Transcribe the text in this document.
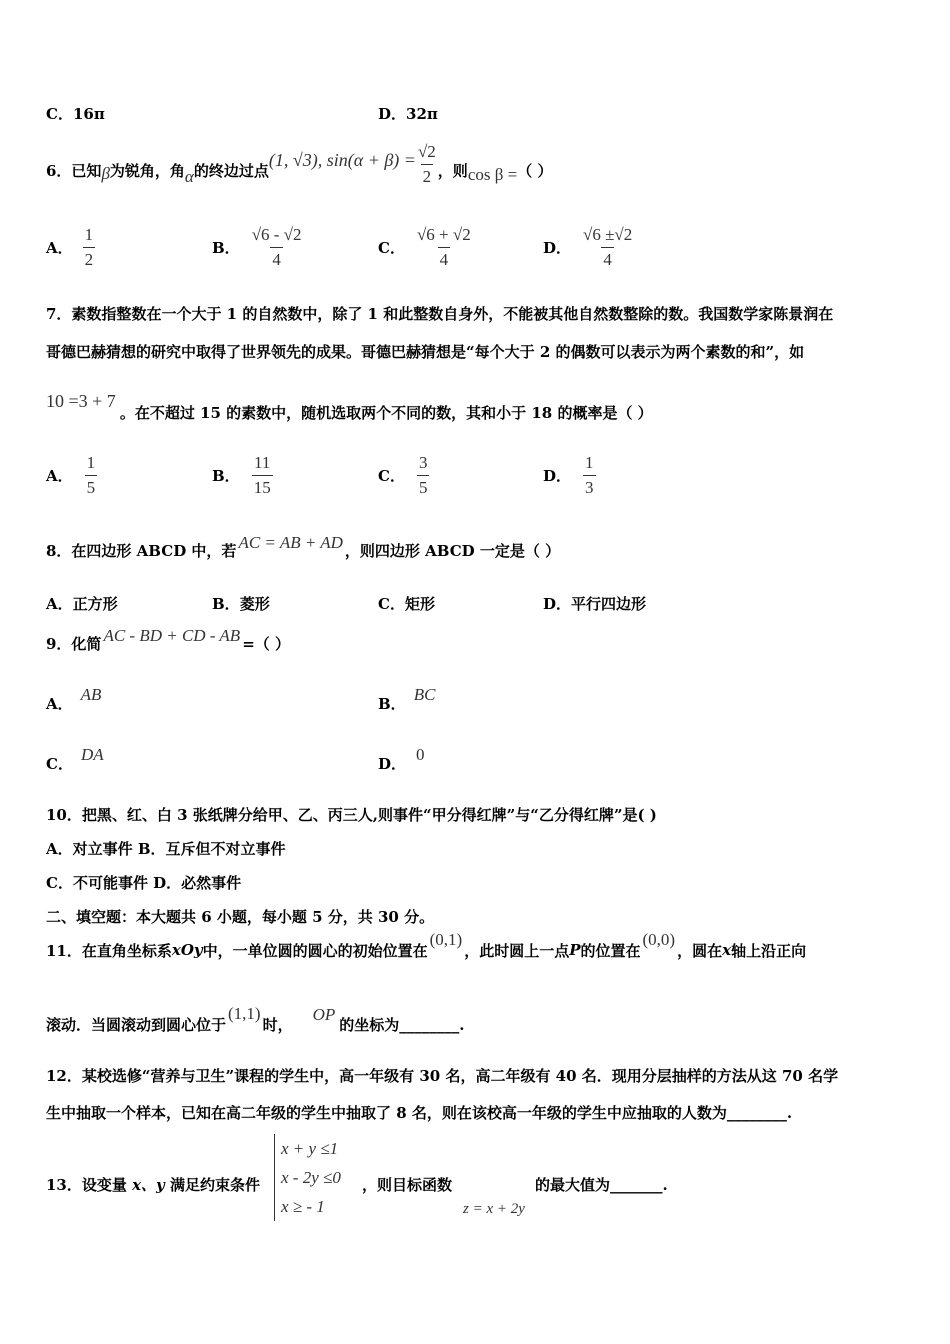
C．16π	D．32π
6．已知 β 为锐角，角 α 的终边过点
(1, √3), $\sin(\alpha + \beta) = \frac{√2}{2}$ ，则 cos β = （ ）
A． $\frac{1}{2}$	B． $\frac{√6 - √2}{4}$	C． $\frac{√6 + √2}{4}$	D． $\frac{√6 \pm√2}{4}$
7．素数指整数在一个大于 1 的自然数中，除了 1 和此整数自身外，不能被其他自然数整除的数。我国数学家陈景润在
哥德巴赫猜想的研究中取得了世界领先的成果。哥德巴赫猜想是“每个大于 2 的偶数可以表示为两个素数的和”，如
10 =3 + 7
。在不超过 15 的素数中，随机选取两个不同的数，其和小于 18 的概率是（ ）
A． $\frac{1}{5}$	B． $\frac{11}{15}$	C． $\frac{3}{5}$	D． $\frac{1}{3}$
8．在四边形 ABCD 中，若 AC = AB + AD ，则四边形 ABCD 一定是（ ）
A．正方形	B．菱形	C．矩形	D．平行四边形
9．化简 AC - BD + CD - AB =（ ）
A． AB	B． BC
C． DA	D． 0
10．把黑、红、白 3 张纸牌分给甲、乙、丙三人,则事件“甲分得红牌”与“乙分得红牌”是( )
A．对立事件 B．互斥但不对立事件
C．不可能事件 D．必然事件
二、填空题：本大题共 6 小题，每小题 5 分，共 30 分。
11．在直角坐标系 xOy 中，一单位圆的圆心的初始位置在
(0,1)
，此时圆上一点 P 的位置在
(0,0)
，圆在 x 轴上沿正向
滚动．当圆滚动到圆心位于
(1,1)
时，
OP
的坐标为________.
12．某校选修“营养与卫生”课程的学生中，高一年级有 30 名，高二年级有 40 名．现用分层抽样的方法从这 70 名学
生中抽取一个样本，已知在高二年级的学生中抽取了 8 名，则在该校高一年级的学生中应抽取的人数为________.
13．设变量 x、y 满足约束条件
x + y ≤1
x - 2y ≤0
x ≥ - 1
，则目标函数	的最大值为_______.
z = x + 2y
